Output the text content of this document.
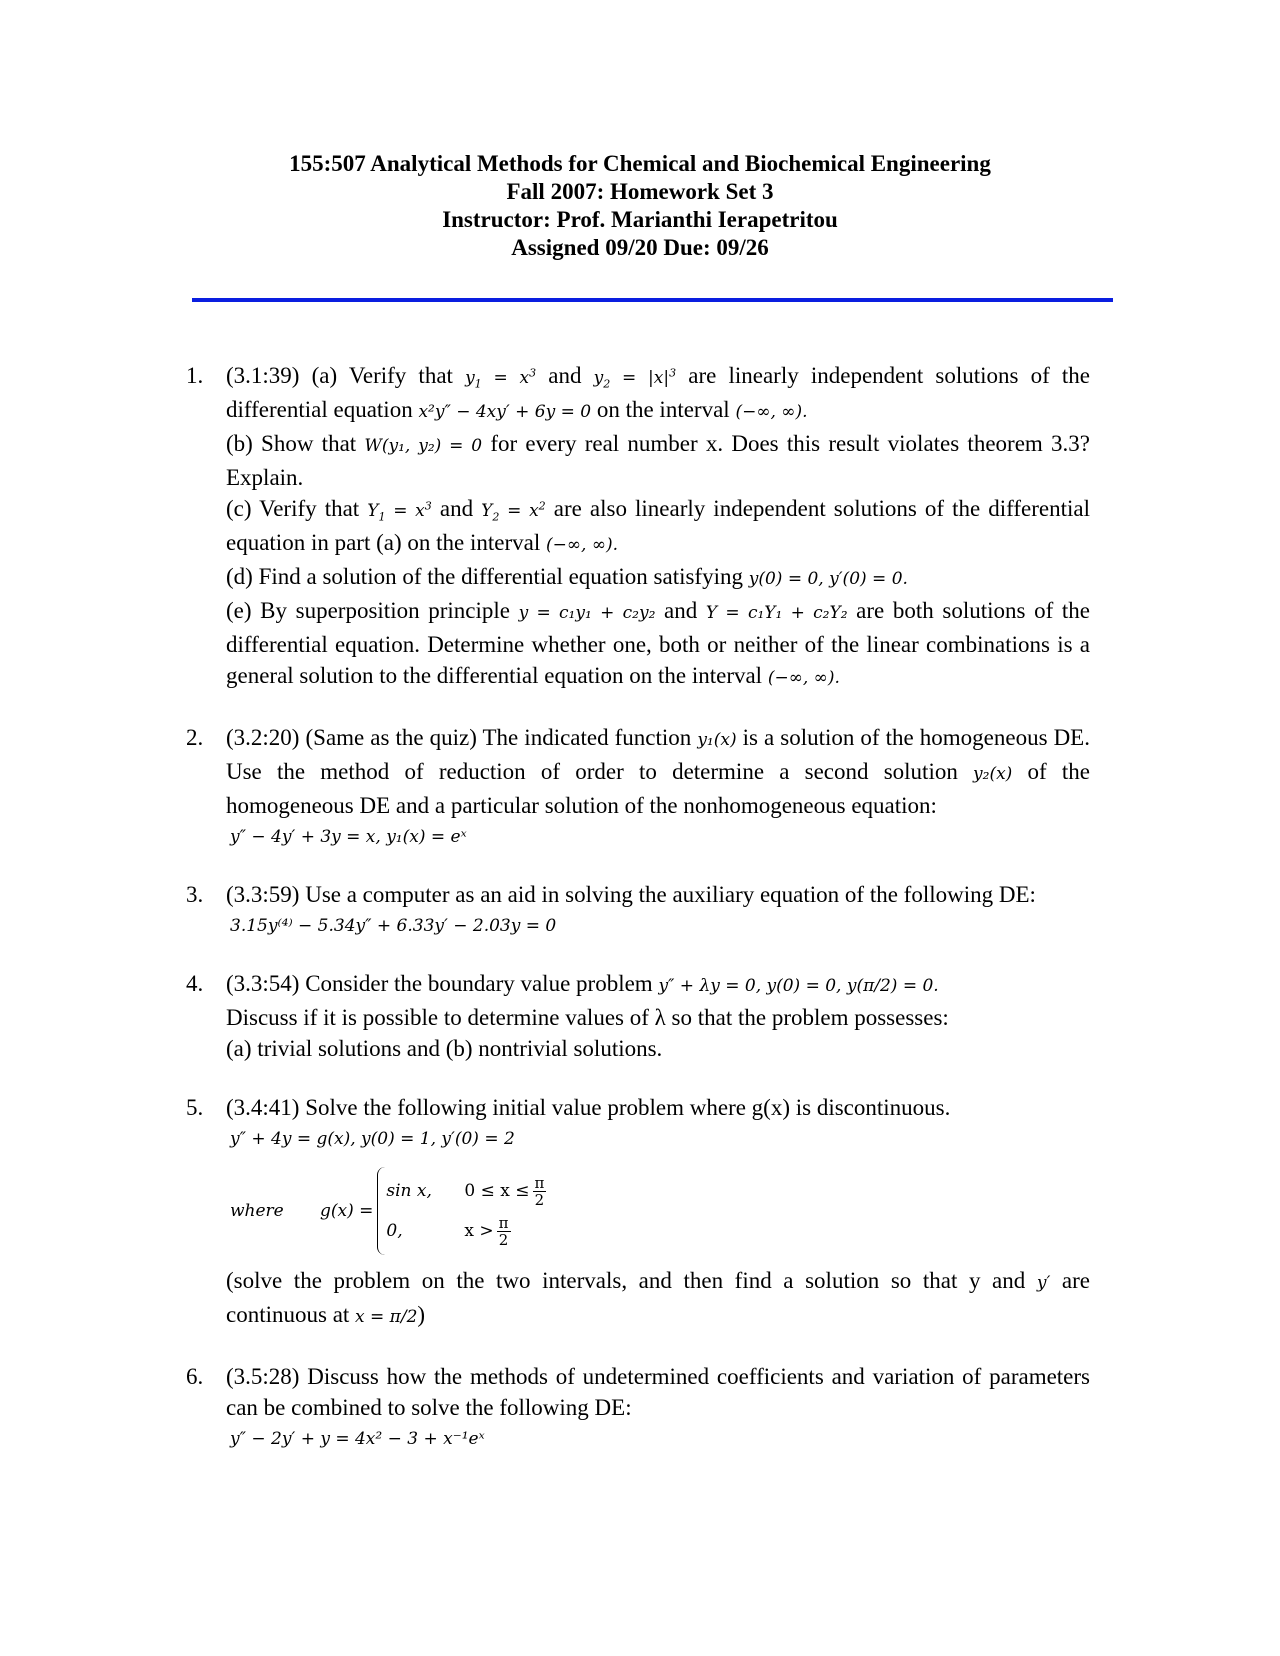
155:507 Analytical Methods for Chemical and Biochemical Engineering
Fall 2007: Homework Set 3
Instructor: Prof. Marianthi Ierapetritou
Assigned 09/20 Due: 09/26
1. (3.1:39) (a) Verify that $y_1 = x^3$ and $y_2 = |x|^3$ are linearly independent solutions of the differential equation x²y″ − 4xy′ + 6y = 0 on the interval (−∞, ∞).

(b) Show that W(y₁, y₂) = 0 for every real number x. Does this result violates theorem 3.3? Explain.

(c) Verify that $Y_1 = x^3$ and $Y_2 = x^2$ are also linearly independent solutions of the differential equation in part (a) on the interval (−∞, ∞).

(d) Find a solution of the differential equation satisfying y(0) = 0, y′(0) = 0.

(e) By superposition principle y = c₁y₁ + c₂y₂ and Y = c₁Y₁ + c₂Y₂ are both solutions of the differential equation. Determine whether one, both or neither of the linear combinations is a general solution to the differential equation on the interval (−∞, ∞).

2. (3.2:20) (Same as the quiz) The indicated function y₁(x) is a solution of the homogeneous DE. Use the method of reduction of order to determine a second solution y₂(x) of the homogeneous DE and a particular solution of the nonhomogeneous equation:

y″ − 4y′ + 3y = x, y₁(x) = eˣ
3. (3.3:59) Use a computer as an aid in solving the auxiliary equation of the following DE:

3.15y⁽⁴⁾ − 5.34y″ + 6.33y′ − 2.03y = 0
4. (3.3:54) Consider the boundary value problem y″ + λy = 0, y(0) = 0, y(π/2) = 0.

Discuss if it is possible to determine values of λ so that the problem possesses:

(a) trivial solutions and (b) nontrivial solutions.

5. (3.4:41) Solve the following initial value problem where g(x) is discontinuous.

y″ + 4y = g(x), y(0) = 1, y′(0) = 2
where	g(x) =
sin x,	$0 \le x \le \frac{\pi}{2}$
0,	$x > \frac{\pi}{2}$

(solve the problem on the two intervals, and then find a solution so that y and y′ are continuous at x = π/2)

6. (3.5:28) Discuss how the methods of undetermined coefficients and variation of parameters can be combined to solve the following DE:

y″ − 2y′ + y = 4x² − 3 + x⁻¹eˣ
